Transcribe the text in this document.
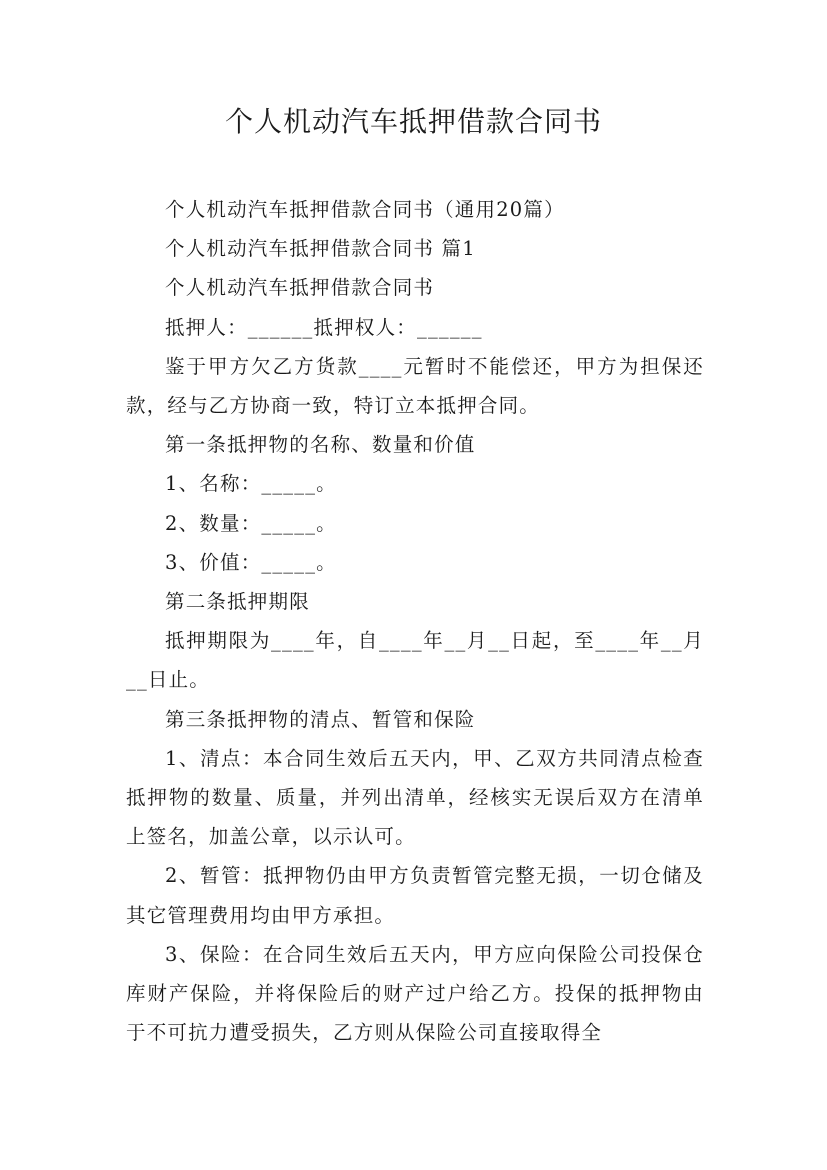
个人机动汽车抵押借款合同书

个人机动汽车抵押借款合同书（通用20篇）

个人机动汽车抵押借款合同书 篇1

个人机动汽车抵押借款合同书

抵押人：______抵押权人：______

鉴于甲方欠乙方货款____元暂时不能偿还，甲方为担保还款，经与乙方协商一致，特订立本抵押合同。

第一条抵押物的名称、数量和价值

1、名称：_____。

2、数量：_____。

3、价值：_____。

第二条抵押期限

抵押期限为____年，自____年__月__日起，至____年__月__日止。

第三条抵押物的清点、暂管和保险

1、清点：本合同生效后五天内，甲、乙双方共同清点检查抵押物的数量、质量，并列出清单，经核实无误后双方在清单上签名，加盖公章，以示认可。

2、暂管：抵押物仍由甲方负责暂管完整无损，一切仓储及其它管理费用均由甲方承担。

3、保险：在合同生效后五天内，甲方应向保险公司投保仓库财产保险，并将保险后的财产过户给乙方。投保的抵押物由于不可抗力遭受损失，乙方则从保险公司直接取得全
